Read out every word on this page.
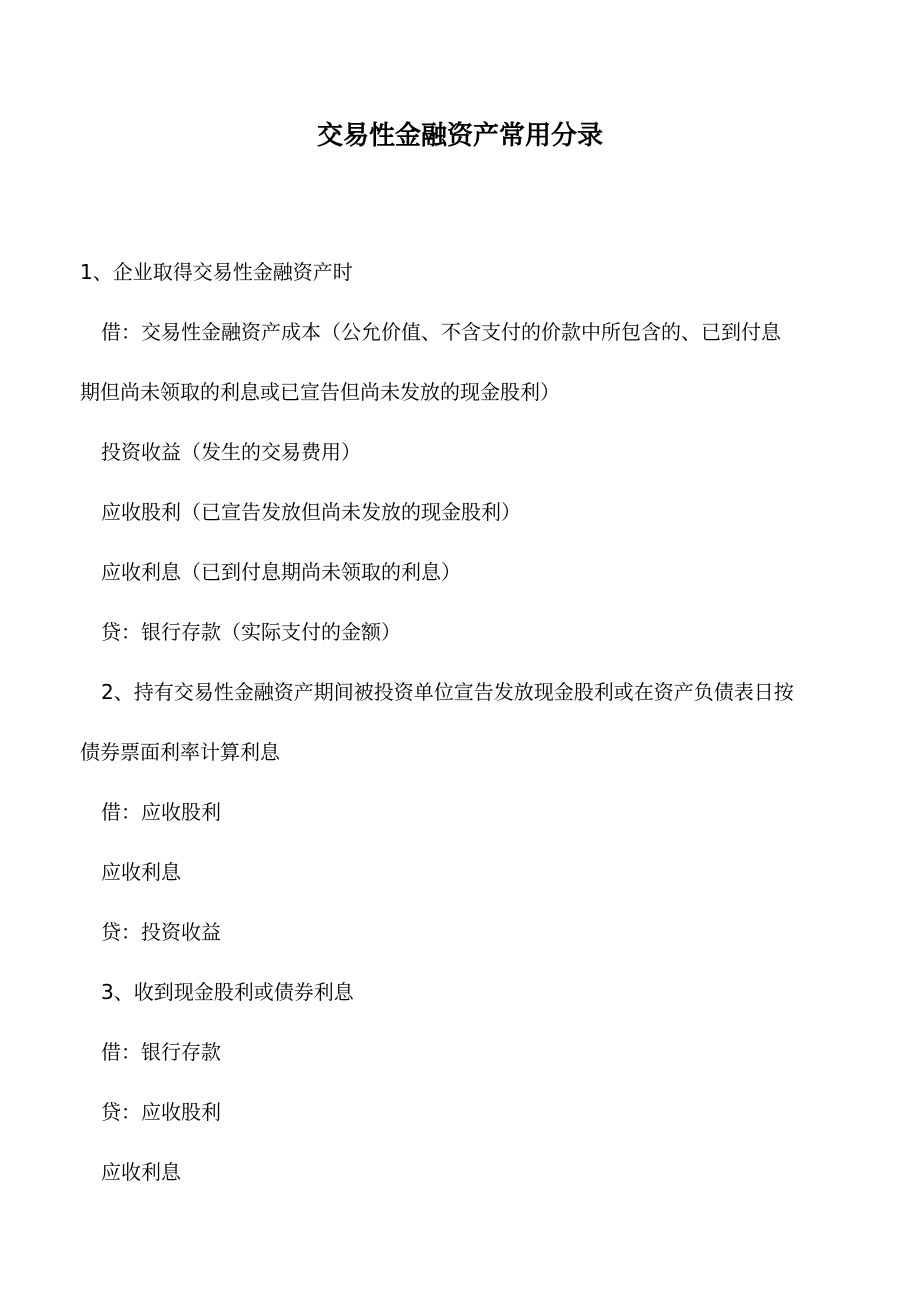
交易性金融资产常用分录
1、企业取得交易性金融资产时
借：交易性金融资产成本（公允价值、不含支付的价款中所包含的、已到付息
期但尚未领取的利息或已宣告但尚未发放的现金股利）
投资收益（发生的交易费用）
应收股利（已宣告发放但尚未发放的现金股利）
应收利息（已到付息期尚未领取的利息）
贷：银行存款（实际支付的金额）
2、持有交易性金融资产期间被投资单位宣告发放现金股利或在资产负债表日按
债券票面利率计算利息
借：应收股利
应收利息
贷：投资收益
3、收到现金股利或债券利息
借：银行存款
贷：应收股利
应收利息
